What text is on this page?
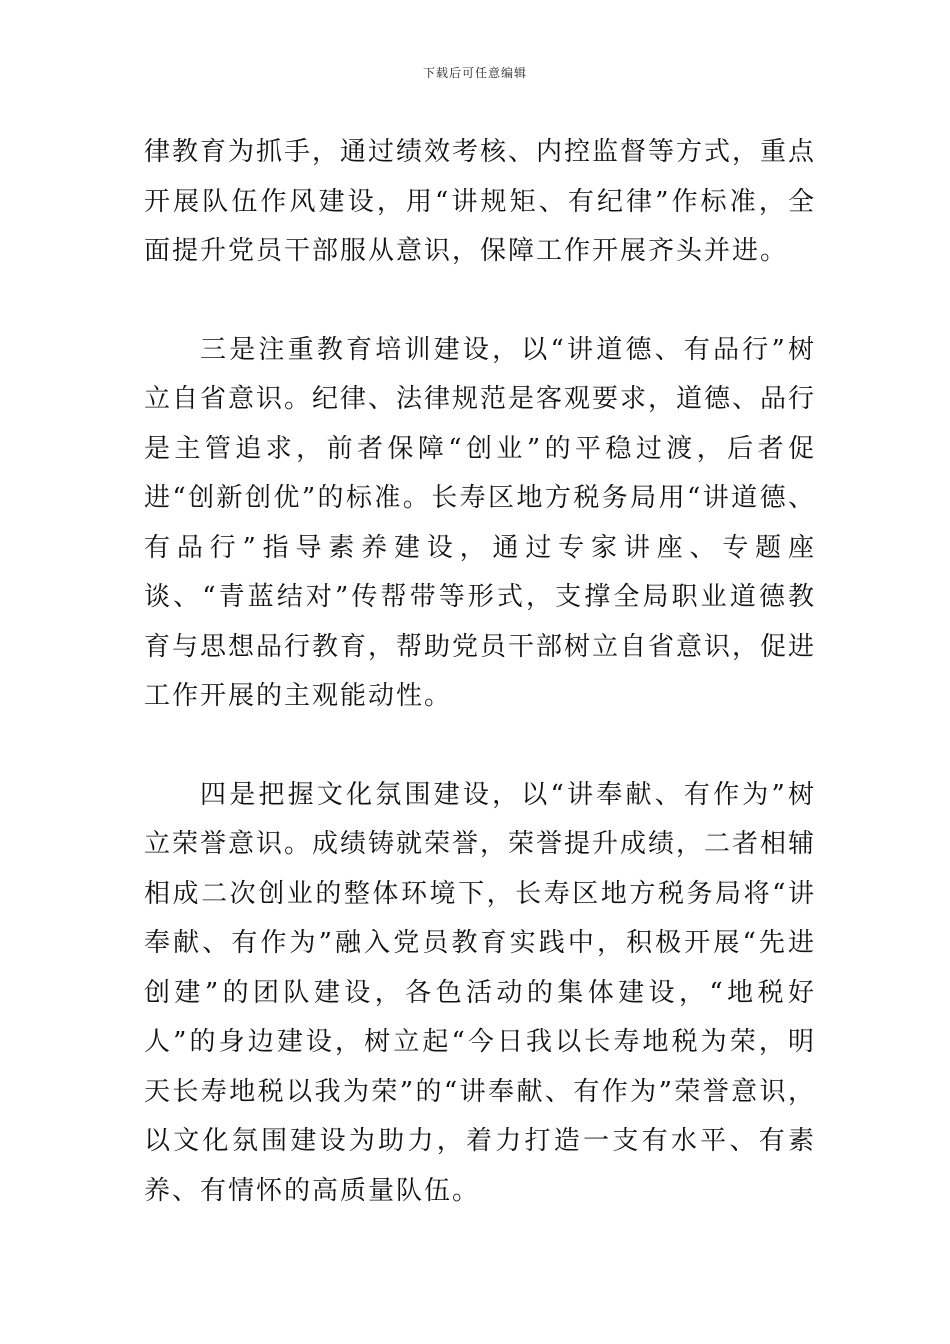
下载后可任意编辑

律教育为抓手，通过绩效考核、内控监督等方式，重点开展队伍作风建设，用“讲规矩、有纪律”作标准，全面提升党员干部服从意识，保障工作开展齐头并进。

三是注重教育培训建设，以“讲道德、有品行”树立自省意识。纪律、法律规范是客观要求，道德、品行是主管追求，前者保障“创业”的平稳过渡，后者促进“创新创优”的标准。长寿区地方税务局用“讲道德、有品行”指导素养建设，通过专家讲座、专题座谈、“青蓝结对”传帮带等形式，支撑全局职业道德教育与思想品行教育，帮助党员干部树立自省意识，促进工作开展的主观能动性。

四是把握文化氛围建设，以“讲奉献、有作为”树立荣誉意识。成绩铸就荣誉，荣誉提升成绩，二者相辅相成二次创业的整体环境下，长寿区地方税务局将“讲奉献、有作为”融入党员教育实践中，积极开展“先进创建”的团队建设，各色活动的集体建设，“地税好人”的身边建设，树立起“今日我以长寿地税为荣，明天长寿地税以我为荣”的“讲奉献、有作为”荣誉意识，以文化氛围建设为助力，着力打造一支有水平、有素养、有情怀的高质量队伍。
